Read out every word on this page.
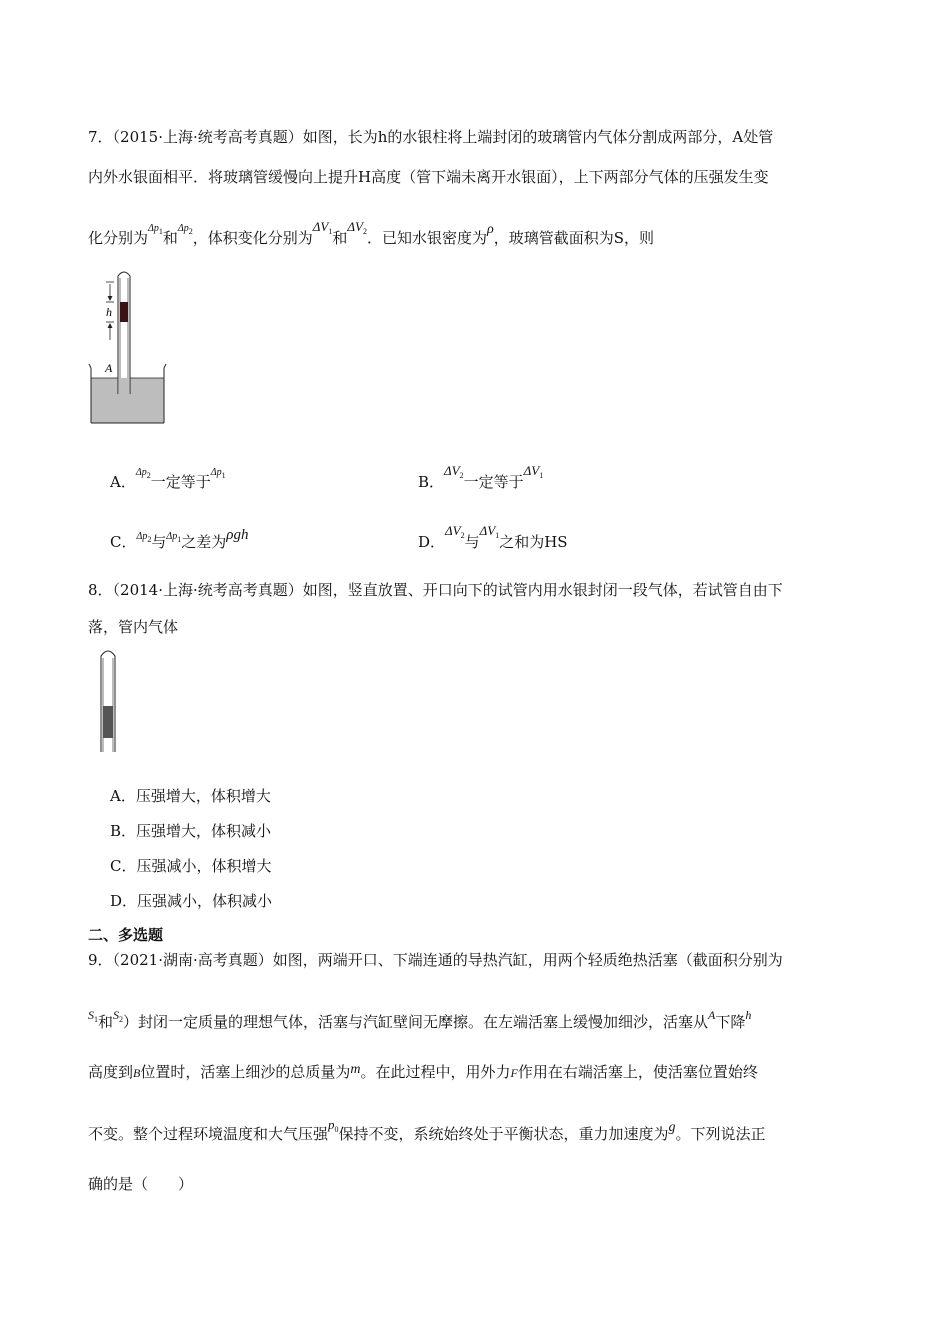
7．（2015·上海·统考高考真题）如图，长为h的水银柱将上端封闭的玻璃管内气体分割成两部分，A处管
内外水银面相平．将玻璃管缓慢向上提升H高度（管下端未离开水银面），上下两部分气体的压强发生变
化分别为$^{\Delta p_1}$和$^{\Delta p_2}$，体积变化分别为$\Delta V_1$和$\Delta V_2$．已知水银密度为ρ，玻璃管截面积为S，则
h
A
A．$^{\Delta p_2}$一定等于$^{\Delta p_1}$	B．$\Delta V_2$一定等于$\Delta V_1$
C．$^{\Delta p_2}$与$^{\Delta p_1}$之差为ρgh	D．$\Delta V_2$与$\Delta V_1$之和为HS
8．（2014·上海·统考高考真题）如图，竖直放置、开口向下的试管内用水银封闭一段气体，若试管自由下
落，管内气体
A．压强增大，体积增大
B．压强增大，体积减小
C．压强减小，体积增大
D．压强减小，体积减小
二、多选题
9．（2021·湖南·高考真题）如图，两端开口、下端连通的导热汽缸，用两个轻质绝热活塞（截面积分别为
$^{S_1}$和$^{S_2}$）封闭一定质量的理想气体，活塞与汽缸壁间无摩擦。在左端活塞上缓慢加细沙，活塞从$^A$下降$^h$
高度到B位置时，活塞上细沙的总质量为m。在此过程中，用外力F作用在右端活塞上，使活塞位置始终
不变。整个过程环境温度和大气压强$p_0$保持不变，系统始终处于平衡状态，重力加速度为g。下列说法正
确的是（　　）
